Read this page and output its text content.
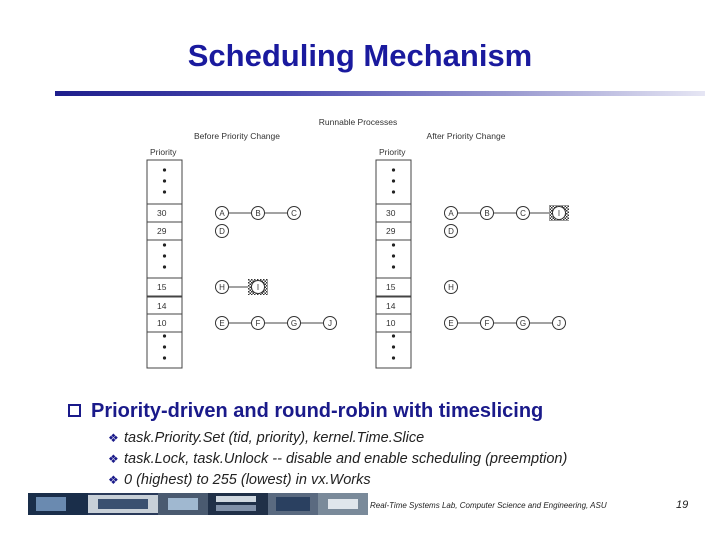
Scheduling Mechanism
Runnable Processes
Before Priority Change
Priority
30	A	B	C
29	D
15	H	I
14
10	E	F	G	J
After Priority Change
Priority
30	A	B	C	I
29	D
15	H
14
10	E	F	G	J
Priority-driven and round-robin with timeslicing
❖ task.Priority.Set (tid, priority), kernel.Time.Slice
❖ task.Lock, task.Unlock -- disable and enable scheduling (preemption)
❖ 0 (highest) to 255 (lowest) in vx.Works
Real-Time Systems Lab, Computer Science and Engineering, ASU	19
